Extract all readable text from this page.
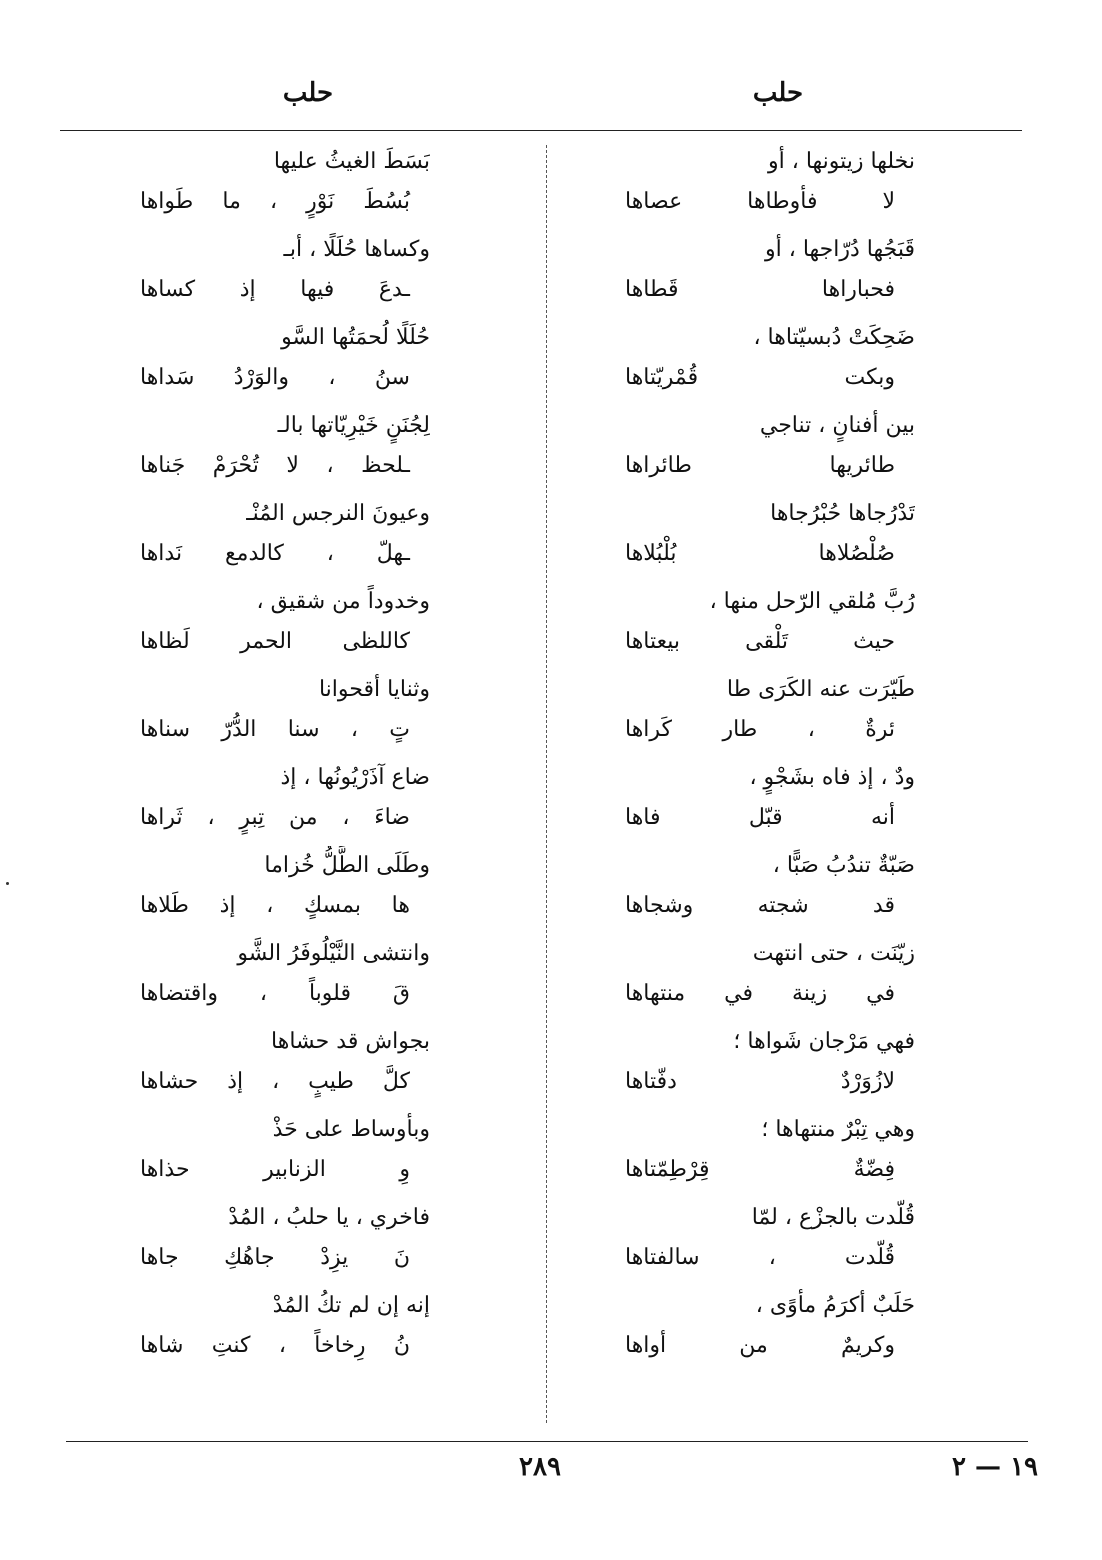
حلب
حلب
نخلها زيتونها ، أو
لا فأوطاها عصاها
قَبَجُها دُرّاجها ، أو
فحباراها قَطاها
ضَحِكَتْ دُبسيّتاها ،
وبكت قُمْريّتاها
بين أفنانٍ ، تناجي
طائريها طائراها
تَدْرُجاها حُبْرُجاها
صُلْصُلاها بُلْبُلاها
رُبَّ مُلقي الرّحل منها ،
حيث تَلْقى بيعتاها
طَيّرَت عنه الكَرَى طا
ئرةٌ ، طار كَراها
ودٌ ، إذ فاه بشَجْوٍ ،
أنه قبّل فاها
صَبّةٌ تندُبُ صَبًّا ،
قد شجته وشجاها
زيّنَت ، حتى انتهت
في زينة في منتهاها
فهي مَرْجان شَواها ؛
لازُوَرْدٌ دفّتاها
وهي تِبْرٌ منتهاها ؛
فِضّةٌ قِرْطِمّتاها
قُلّدت بالجزْع ، لمّا
قُلّدت ، سالفتاها
حَلَبٌ أكرَمُ مأوًى ،
وكريمٌ من أواها
بَسَطَ الغيثُ عليها
بُسُطَ نَوْرٍ ، ما طَواها
وكساها حُلَلًا ، أبـ
ـدعَ فيها إذ كساها
حُلَلًا لُحمَتُها السَّو
سنُ ، والوَرْدُ سَداها
لِجُنَنٍ خَيْرِيّاتها بالـ
ـلحظ ، لا تُحْرَمْ جَناها
وعيونَ النرجس المُنْـ
ـهلّ ، كالدمع نَداها
وخدوداً من شقيق ،
كاللظى الحمر لَظاها
وثنايا أقحوانا
تٍ ، سنا الدُّرّ سناها
ضاع آذَرْيُونُها ، إذ
ضاءَ ، من تِبرٍ ، ثَراها
وطَلَى الطَّلُّ خُزاما
ها بمسكٍ ، إذ طَلاها
وانتشى النَّيْلُوفَرُ الشَّو
قَ قلوباً ، واقتضاها
بجواش قد حشاها
كلَّ طيبٍ ، إذ حشاها
وبأوساط على حَذْ
وِ الزنابير حذاها
فاخري ، يا حلبُ ، المُدْ
نَ يزِدْ جاهُكِ جاها
إنه إن لم تكُ المُدْ
نُ رِخاخاً ، كنتِ شاها
٢٨٩	١٩ — ٢
